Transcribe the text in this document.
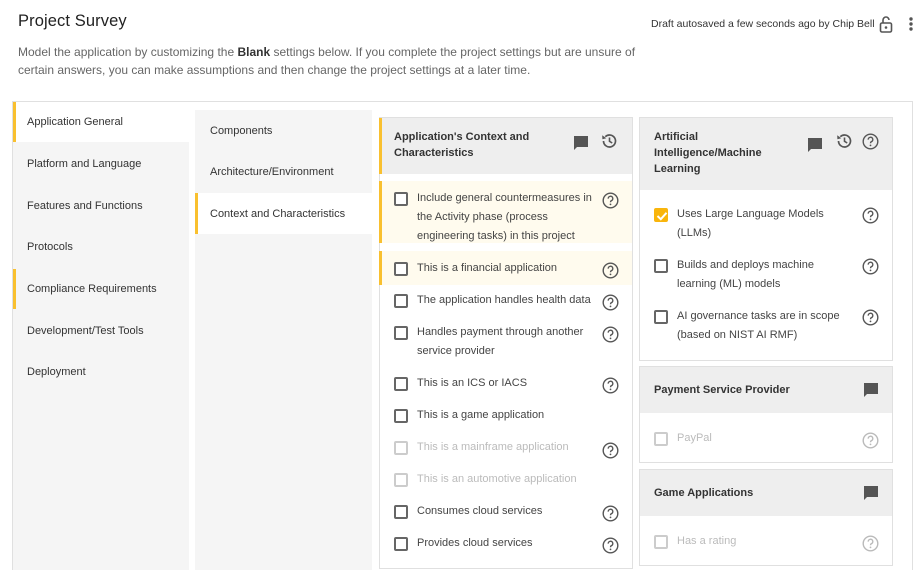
Project Survey

Model the application by customizing the Blank settings below. If you complete the project settings but are unsure of certain answers, you can make assumptions and then change the project settings at a later time.

Draft autosaved a few seconds ago by Chip Bell
Application General
Platform and Language
Features and Functions
Protocols
Compliance Requirements
Development/Test Tools
Deployment
Components
Architecture/Environment
Context and Characteristics
Application's Context and Characteristics
Include general countermeasures in the Activity phase (process engineering tasks) in this project
This is a financial application
The application handles health data
Handles payment through another service provider
This is an ICS or IACS
This is a game application
This is a mainframe application
This is an automotive application
Consumes cloud services
Provides cloud services
Artificial Intelligence/Machine Learning
Uses Large Language Models (LLMs)
Builds and deploys machine learning (ML) models
AI governance tasks are in scope (based on NIST AI RMF)
Payment Service Provider
PayPal
Game Applications
Has a rating
